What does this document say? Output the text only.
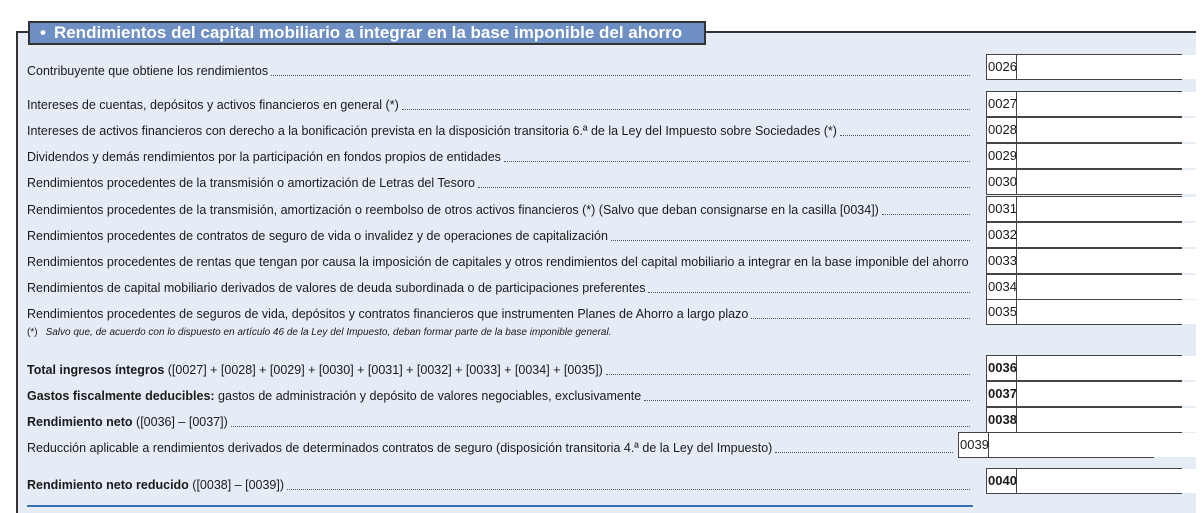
• Rendimientos del capital mobiliario a integrar en la base imponible del ahorro
Contribuyente que obtiene los rendimientos	0026
Intereses de cuentas, depósitos y activos financieros en general (*)	0027
Intereses de activos financieros con derecho a la bonificación prevista en la disposición transitoria 6.ª de la Ley del Impuesto sobre Sociedades (*)	0028
Dividendos y demás rendimientos por la participación en fondos propios de entidades	0029
Rendimientos procedentes de la transmisión o amortización de Letras del Tesoro	0030
Rendimientos procedentes de la transmisión, amortización o reembolso de otros activos financieros (*) (Salvo que deban consignarse en la casilla [0034])	0031
Rendimientos procedentes de contratos de seguro de vida o invalidez y de operaciones de capitalización	0032
Rendimientos procedentes de rentas que tengan por causa la imposición de capitales y otros rendimientos del capital mobiliario a integrar en la base imponible del ahorro 0033
Rendimientos de capital mobiliario derivados de valores de deuda subordinada o de participaciones preferentes	0034
Rendimientos procedentes de seguros de vida, depósitos y contratos financieros que instrumenten Planes de Ahorro a largo plazo	0035
(*) Salvo que, de acuerdo con lo dispuesto en artículo 46 de la Ley del Impuesto, deban formar parte de la base imponible general.
Total ingresos íntegros ([0027] + [0028] + [0029] + [0030] + [0031] + [0032] + [0033] + [0034] + [0035])	0036
Gastos fiscalmente deducibles: gastos de administración y depósito de valores negociables, exclusivamente	0037
Rendimiento neto ([0036] – [0037])	0038
Reducción aplicable a rendimientos derivados de determinados contratos de seguro (disposición transitoria 4.ª de la Ley del Impuesto)	0039
Rendimiento neto reducido ([0038] – [0039])	0040
